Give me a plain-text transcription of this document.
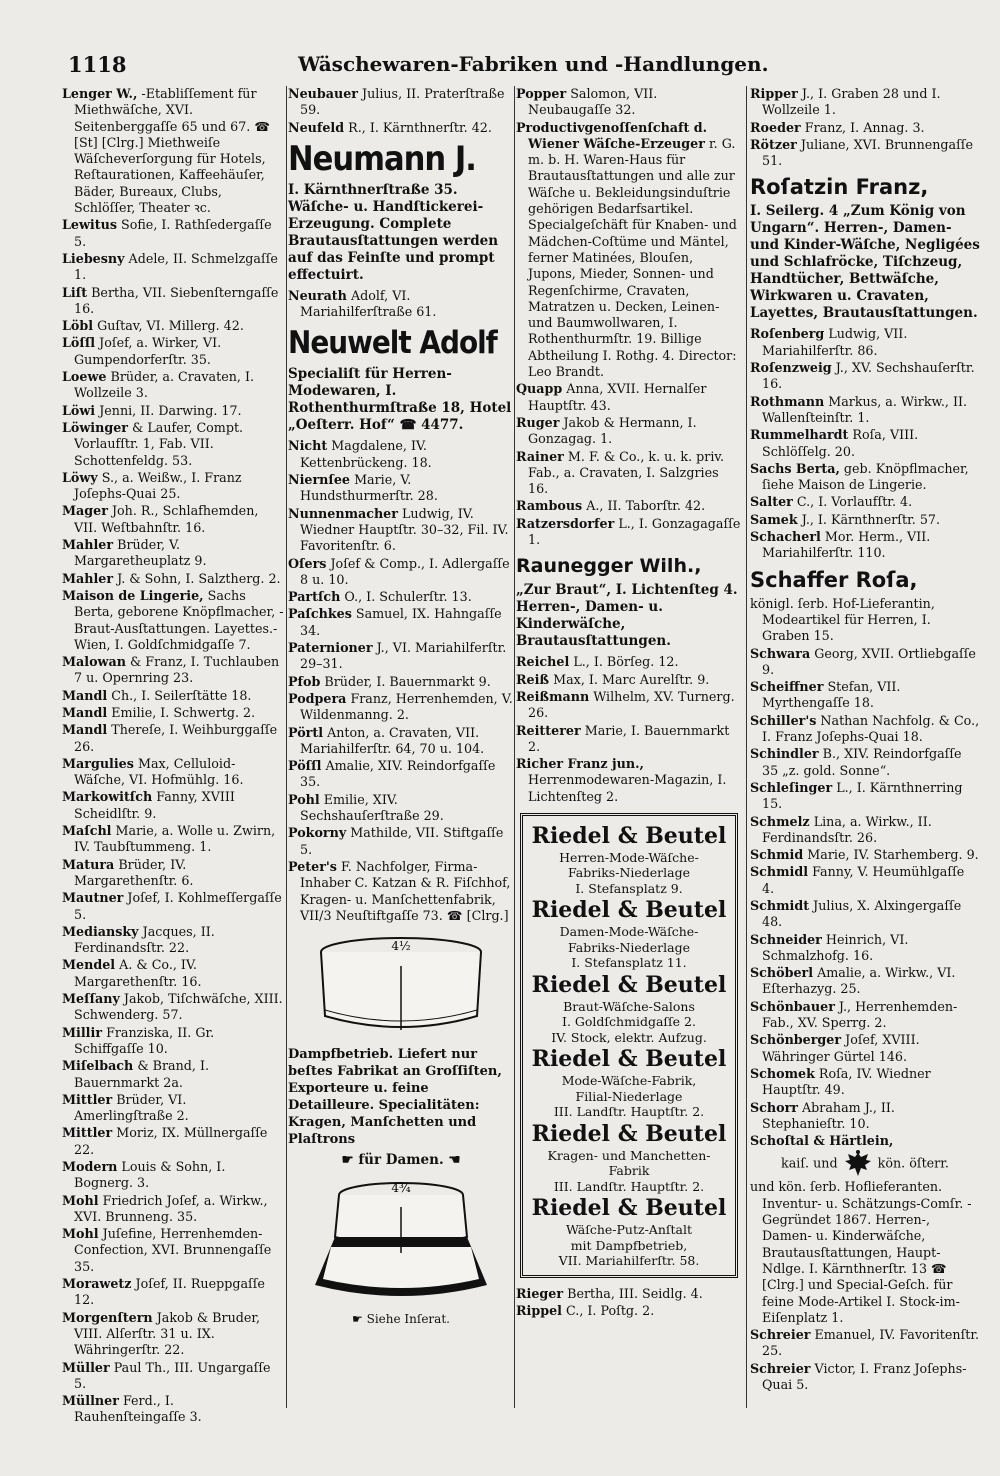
1118	Wäschewaren-Fabriken und -Handlungen.
Lenger W., -Etabliſſement für Miethwäſche, XVI. Seitenberggaſſe 65 und 67. ☎ [St] [Clrg.] Miethweiſe Wäſcheverſorgung für Hotels, Reſtaurationen, Kaffeehäuſer, Bäder, Bureaux, Clubs, Schlöſſer, Theater ꝛc.
Lewitus Sofie, I. Rathſedergaſſe 5.
Liebesny Adele, II. Schmelzgaſſe 1.
Liſt Bertha, VII. Siebenſterngaſſe 16.
Löbl Guſtav, VI. Millerg. 42.
Löſſl Joſef, a. Wirker, VI. Gumpendorferſtr. 35.
Loewe Brüder, a. Cravaten, I. Wollzeile 3.
Löwi Jenni, II. Darwing. 17.
Löwinger & Laufer, Compt. Vorlaufſtr. 1, Fab. VII. Schottenfeldg. 53.
Löwy S., a. Weißw., I. Franz Joſephs-Quai 25.
Mager Joh. R., Schlafhemden, VII. Weſtbahnſtr. 16.
Mahler Brüder, V. Margaretheuplatz 9.
Mahler J. & Sohn, I. Salztherg. 2.
Maison de Lingerie, Sachs Berta, geborene Knöpflmacher, -Braut-Ausſtattungen. Layettes.- Wien, I. Goldſchmidgaſſe 7.
Malowan & Franz, I. Tuchlauben 7 u. Opernring 23.
Mandl Ch., I. Seilerſtätte 18.
Mandl Emilie, I. Schwertg. 2.
Mandl Thereſe, I. Weihburggaſſe 26.
Margulies Max, Celluloid-Wäſche, VI. Hofmühlg. 16.
Markowitſch Fanny, XVIII Scheidlſtr. 9.
Maſchl Marie, a. Wolle u. Zwirn, IV. Taubſtummeng. 1.
Matura Brüder, IV. Margarethenſtr. 6.
Mautner Joſef, I. Kohlmeſſergaſſe 5.
Mediansky Jacques, II. Ferdinandsſtr. 22.
Mendel A. & Co., IV. Margarethenſtr. 16.
Meſſany Jakob, Tiſchwäſche, XIII. Schwenderg. 57.
Millir Franziska, II. Gr. Schiffgaſſe 10.
Miſelbach & Brand, I. Bauernmarkt 2a.
Mittler Brüder, VI. Amerlingſtraße 2.
Mittler Moriz, IX. Müllnergaſſe 22.
Modern Louis & Sohn, I. Bognerg. 3.
Mohl Friedrich Joſef, a. Wirkw., XVI. Brunneng. 35.
Mohl Juſefine, Herrenhemden-Confection, XVI. Brunnengaſſe 35.
Morawetz Joſef, II. Rueppgaſſe 12.
Morgenſtern Jakob & Bruder, VIII. Alſerſtr. 31 u. IX. Währingerſtr. 22.
Müller Paul Th., III. Ungargaſſe 5.
Müllner Ferd., I. Rauhenſteingaſſe 3.
Neubauer Julius, II. Praterſtraße 59.
Neufeld R., I. Kärnthnerſtr. 42.
Neumann J.
I. Kärnthnerſtraße 35. Wäſche- u. Handſtickerei-Erzeugung. Complete Brautausſtattungen werden auf das Feinſte und prompt effectuirt.
Neurath Adolf, VI. Mariahilferſtraße 61.
Neuwelt Adolf
Specialiſt für Herren-Modewaren, I. Rothenthurmſtraße 18, Hotel „Oeſterr. Hof“ ☎ 4477.
Nicht Magdalene, IV. Kettenbrückeng. 18.
Niernſee Marie, V. Hundsthurmerſtr. 28.
Nunnenmacher Ludwig, IV. Wiedner Hauptſtr. 30–32, Fil. IV. Favoritenſtr. 6.
Oſers Joſef & Comp., I. Adlergaſſe 8 u. 10.
Partſch O., I. Schulerſtr. 13.
Paſchkes Samuel, IX. Hahngaſſe 34.
Paternioner J., VI. Mariahilferſtr. 29–31.
Pfob Brüder, I. Bauernmarkt 9.
Podpera Franz, Herrenhemden, V. Wildenmanng. 2.
Pörtl Anton, a. Cravaten, VII. Mariahilferſtr. 64, 70 u. 104.
Pöſſl Amalie, XIV. Reindorfgaſſe 35.
Pohl Emilie, XIV. Sechshauſerſtraße 29.
Pokorny Mathilde, VII. Stiftgaſſe 5.
Peter's F. Nachfolger, Firma-Inhaber C. Katzan & R. Fiſchhof, Kragen- u. Manſchettenfabrik, VII/3 Neuſtiftgaſſe 73. ☎ [Clrg.]
4½
Dampfbetrieb. Liefert nur beſtes Fabrikat an Groſſiſten, Exporteure u. feine Detailleure. Specialitäten: Kragen, Manſchetten und Plaſtrons
☛ für Damen. ☚
4¾
☛ Siehe Inſerat.
Popper Salomon, VII. Neubaugaſſe 32.
Productivgenoſſenſchaft d. Wiener Wäſche-Erzeuger r. G. m. b. H. Waren-Haus für Brautausſtattungen und alle zur Wäſche u. Bekleidungsinduſtrie gehörigen Bedarfsartikel. Specialgeſchäft für Knaben- und Mädchen-Coſtüme und Mäntel, ferner Matinées, Blouſen, Jupons, Mieder, Sonnen- und Regenſchirme, Cravaten, Matratzen u. Decken, Leinen- und Baumwollwaren, I. Rothenthurmſtr. 19. Billige Abtheilung I. Rothg. 4. Director: Leo Brandt.
Quapp Anna, XVII. Hernalſer Hauptſtr. 43.
Ruger Jakob & Hermann, I. Gonzagag. 1.
Rainer M. F. & Co., k. u. k. priv. Fab., a. Cravaten, I. Salzgries 16.
Rambous A., II. Taborſtr. 42.
Ratzersdorfer L., I. Gonzagagaſſe 1.
Raunegger Wilh.,
„Zur Braut“, I. Lichtenſteg 4. Herren-, Damen- u. Kinderwäſche, Brautausſtattungen.
Reichel L., I. Börſeg. 12.
Reiß Max, I. Marc Aurelſtr. 9.
Reißmann Wilhelm, XV. Turnerg. 26.
Reitterer Marie, I. Bauernmarkt 2.
Richer Franz jun., Herrenmodewaren-Magazin, I. Lichtenſteg 2.
Riedel & Beutel
Herren-Mode-Wäſche-
Fabriks-Niederlage
I. Stefansplatz 9.
Riedel & Beutel
Damen-Mode-Wäſche-
Fabriks-Niederlage
I. Stefansplatz 11.
Riedel & Beutel
Braut-Wäſche-Salons
I. Goldſchmidgaſſe 2.
IV. Stock, elektr. Aufzug.
Riedel & Beutel
Mode-Wäſche-Fabrik,
Filial-Niederlage
III. Landſtr. Hauptſtr. 2.
Riedel & Beutel
Kragen- und Manchetten-
Fabrik
III. Landſtr. Hauptſtr. 2.
Riedel & Beutel
Wäſche-Putz-Anſtalt
mit Dampfbetrieb,
VII. Mariahilferſtr. 58.
Rieger Bertha, III. Seidlg. 4.
Rippel C., I. Poſtg. 2.
Ripper J., I. Graben 28 und I. Wollzeile 1.
Roeder Franz, I. Annag. 3.
Rötzer Juliane, XVI. Brunnengaſſe 51.
Roſatzin Franz,
I. Seilerg. 4 „Zum König von Ungarn“. Herren-, Damen- und Kinder-Wäſche, Negligées und Schlafröcke, Tiſchzeug, Handtücher, Bettwäſche, Wirkwaren u. Cravaten, Layettes, Brautausſtattungen.
Roſenberg Ludwig, VII. Mariahilferſtr. 86.
Roſenzweig J., XV. Sechshauſerſtr. 16.
Rothmann Markus, a. Wirkw., II. Wallenſteinſtr. 1.
Rummelhardt Roſa, VIII. Schlöſſelg. 20.
Sachs Berta, geb. Knöpflmacher, ſiehe Maison de Lingerie.
Salter C., I. Vorlaufſtr. 4.
Samek J., I. Kärnthnerſtr. 57.
Schacherl Mor. Herm., VII. Mariahilferſtr. 110.
Schaffer Roſa,
königl. ſerb. Hof-Lieferantin, Modeartikel für Herren, I. Graben 15.
Schwara Georg, XVII. Ortliebgaſſe 9.
Scheiffner Stefan, VII. Myrthengaſſe 18.
Schiller's Nathan Nachfolg. & Co., I. Franz Joſephs-Quai 18.
Schindler B., XIV. Reindorfgaſſe 35 „z. gold. Sonne“.
Schleſinger L., I. Kärnthnerring 15.
Schmelz Lina, a. Wirkw., II. Ferdinandsſtr. 26.
Schmid Marie, IV. Starhemberg. 9.
Schmidl Fanny, V. Heumühlgaſſe 4.
Schmidt Julius, X. Alxingergaſſe 48.
Schneider Heinrich, VI. Schmalzhofg. 16.
Schöberl Amalie, a. Wirkw., VI. Eſterhazyg. 25.
Schönbauer J., Herrenhemden-Fab., XV. Sperrg. 2.
Schönberger Joſef, XVIII. Währinger Gürtel 146.
Schomek Roſa, IV. Wiedner Hauptſtr. 49.
Schorr Abraham J., II. Stephanieſtr. 10.
Schoſtal & Härtlein,
kaiſ. und	kön. öſterr.
und kön. ſerb. Hoflieferanten. Inventur- u. Schätzungs-Comſr. -Gegründet 1867. Herren-, Damen- u. Kinderwäſche, Brautausſtattungen, Haupt-Ndlge. I. Kärnthnerſtr. 13 ☎ [Clrg.] und Special-Geſch. für feine Mode-Artikel I. Stock-im-Eiſenplatz 1.
Schreier Emanuel, IV. Favoritenſtr. 25.
Schreier Victor, I. Franz Joſephs-Quai 5.
